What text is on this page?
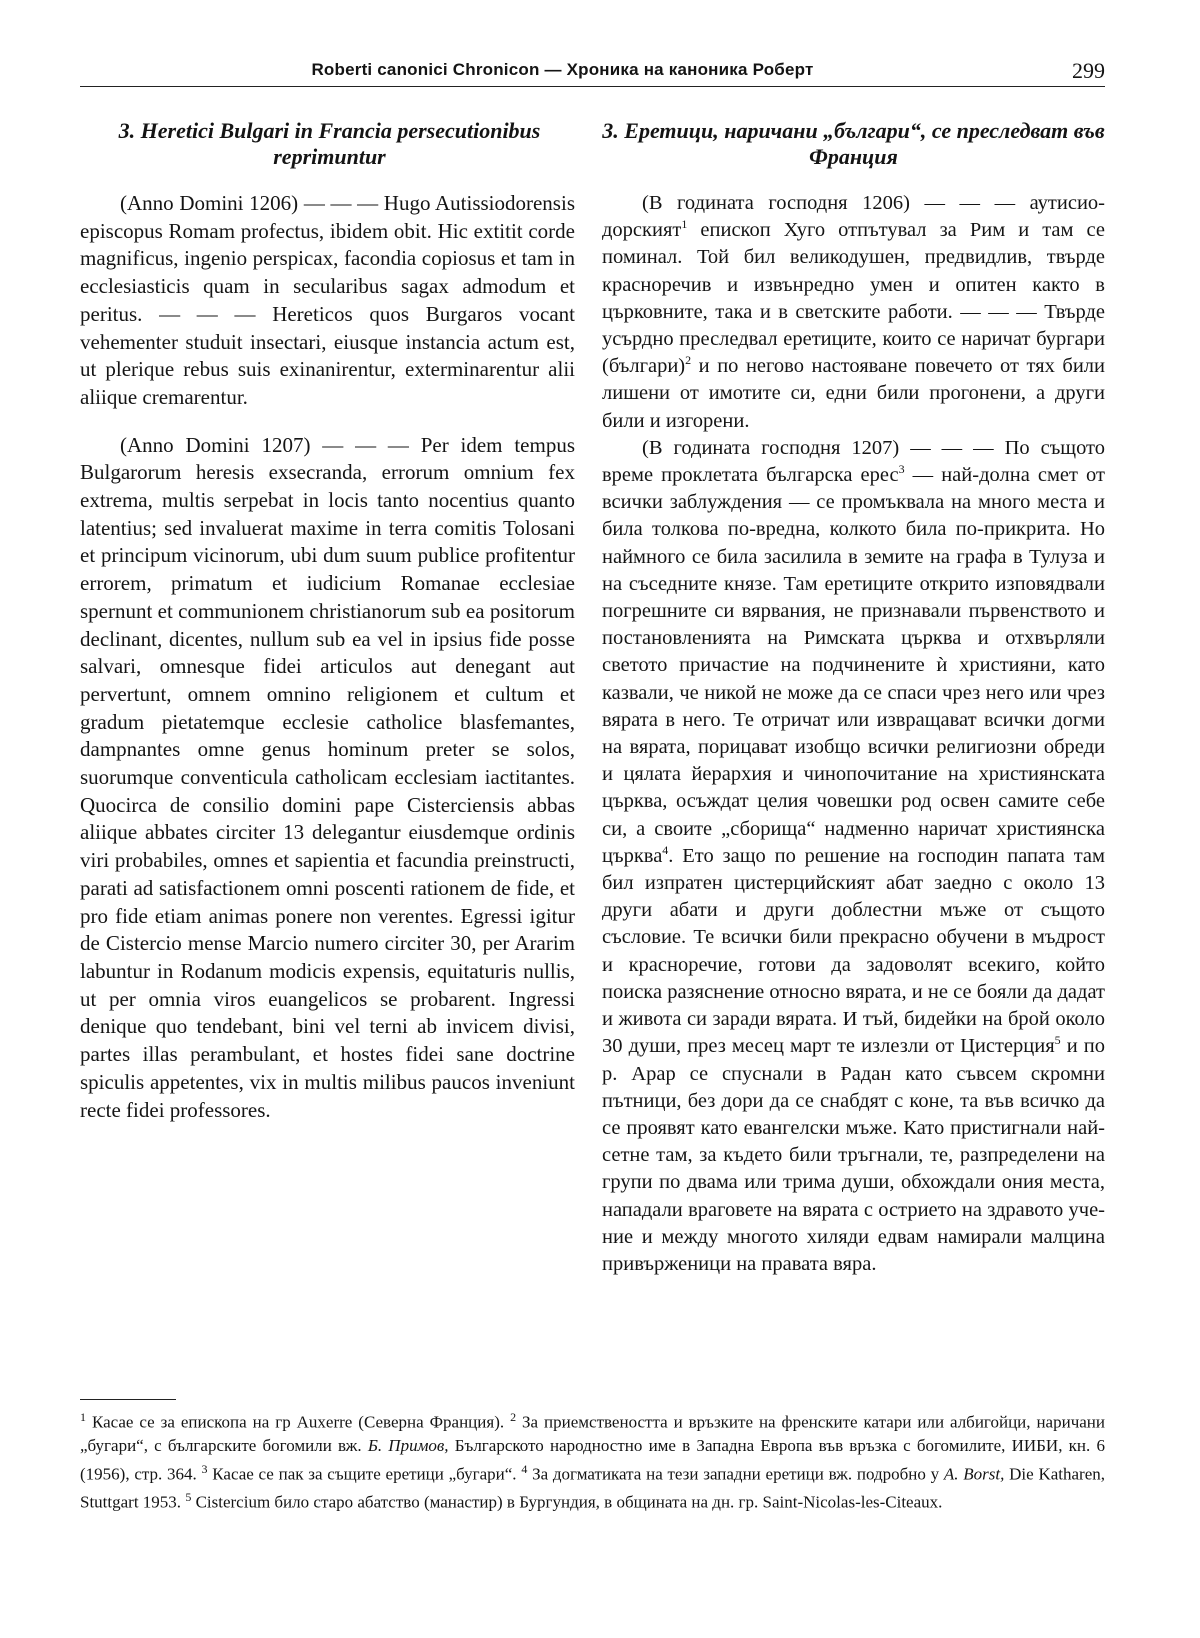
Roberti canonici Chronicon — Хроника на каноника Роберт	299
3. Heretici Bulgari in Francia persecutionibus reprimuntur

(Anno Domini 1206) — — — Hugo Autissiodorensis episcopus Romam profectus, ibidem obit. Hic extitit corde magnificus, ingenio perspicax, facondia copiosus et tam in ecclesiasticis quam in secularibus sagax admodum et peritus. — — — Hereticos quos Burgaros vocant vehementer studuit insectari, eiusque instancia actum est, ut plerique rebus suis exinanirentur, exterminarentur alii aliique cremarentur.

(Anno Domini 1207) — — — Per idem tempus Bulgarorum heresis exsecranda, errorum omnium fex extrema, multis serpebat in locis tanto nocentius quanto latentius; sed invaluerat maxime in terra comitis Tolosani et principum vicinorum, ubi dum suum publice profitentur errorem, primatum et iudicium Romanae ecclesiae spernunt et communionem christianorum sub ea positorum declinant, dicentes, nullum sub ea vel in ipsius fide posse salvari, omnesque fidei articulos aut denegant aut pervertunt, omnem omnino religionem et cultum et gradum pietatemque ecclesie catholice blasfemantes, dampnantes omne genus hominum preter se solos, suorumque conventicula catholicam ecclesiam iactitantes. Quocirca de consilio domini pape Cisterciensis abbas aliique abbates circiter 13 delegantur eiusdemque ordinis viri probabiles, omnes et sapientia et facundia preinstructi, parati ad satisfactionem omni poscenti rationem de fide, et pro fide etiam animas ponere non verentes. Egressi igitur de Cistercio mense Marcio numero circiter 30, per Ararim labuntur in Rodanum modicis expensis, equitaturis nullis, ut per omnia viros euangelicos se probarent. Ingressi denique quo tendebant, bini vel terni ab invicem divisi, partes illas perambulant, et hostes fidei sane doctrine spiculis appetentes, vix in multis milibus paucos inveniunt recte fidei professores.

3. Еретици, наричани „българи“, се преследват във Франция

(В годината господня 1206) — — — аутисиодорският$^1$ епископ Хуго отпътувал за Рим и там се поминал. Той бил великодушен, предвидлив, твърде красноречив и извънредно умен и опитен както в църковните, така и в светските работи. — — — Твърде усърдно преследвал еретиците, които се наричат бургари (българи)$^2$ и по негово настояване повечето от тях били лишени от имотите си, едни били прогонени, а други били и изгорени.

(В годината господня 1207) — — — По същото време проклетата българска ерес$^3$ — най-долна смет от всички заблуждения — се промъквала на много места и била толкова по-вредна, колкото била по-прикрита. Но наймного се била засилила в земите на графа в Тулуза и на съседните князе. Там еретиците открито изповядвали погрешните си вярвания, не признавали първенството и постановленията на Римската църква и отхвърляли светото причастие на подчинените ѝ християни, като казвали, че никой не може да се спаси чрез него или чрез вярата в него. Те отричат или извращават всички догми на вярата, порицават изобщо всички религиозни обреди и цялата йерархия и чинопочитание на християнската църква, осъждат целия човешки род освен самите себе си, а своите „сборища“ надменно наричат християнска църква$^4$. Ето защо по решение на господин папата там бил изпратен цистерцийският абат заедно с около 13 други абати и други доблестни мъже от същото съсловие. Те всички били прекрасно обучени в мъдрост и красноречие, готови да задоволят всекиго, който поиска разяснение относно вярата, и не се бояли да дадат и живота си заради вярата. И тъй, бидейки на брой около 30 души, през месец март те излезли от Цистерция$^5$ и по р. Арар се спуснали в Радан като съвсем скромни пътници, без дори да се снабдят с коне, та във всичко да се проявят като евангелски мъже. Като пристигнали най-сетне там, за където били тръгнали, те, разпределени на групи по двама или трима души, обхождали ония места, нападали враговете на вярата с острието на здравото учение и между многото хиляди едвам намирали малцина привърженици на правата вяра.

$^1$ Касае се за епископа на гр Auxerre (Северна Франция). $^2$ За приемствеността и връзките на френските катари или албигойци, наричани „бугари“, с българските богомили вж. Б. Примов, Българското народностно име в Западна Европа във връзка с богомилите, ИИБИ, кн. 6 (1956), стр. 364. $^3$ Касае се пак за същите еретици „бугари“. $^4$ За догматиката на тези западни еретици вж. подробно у A. Borst, Die Katharen, Stuttgart 1953. $^5$ Cistercium било старо абатство (манастир) в Бургундия, в общината на дн. гр. Saint-Nicolas-les-Citeaux.
